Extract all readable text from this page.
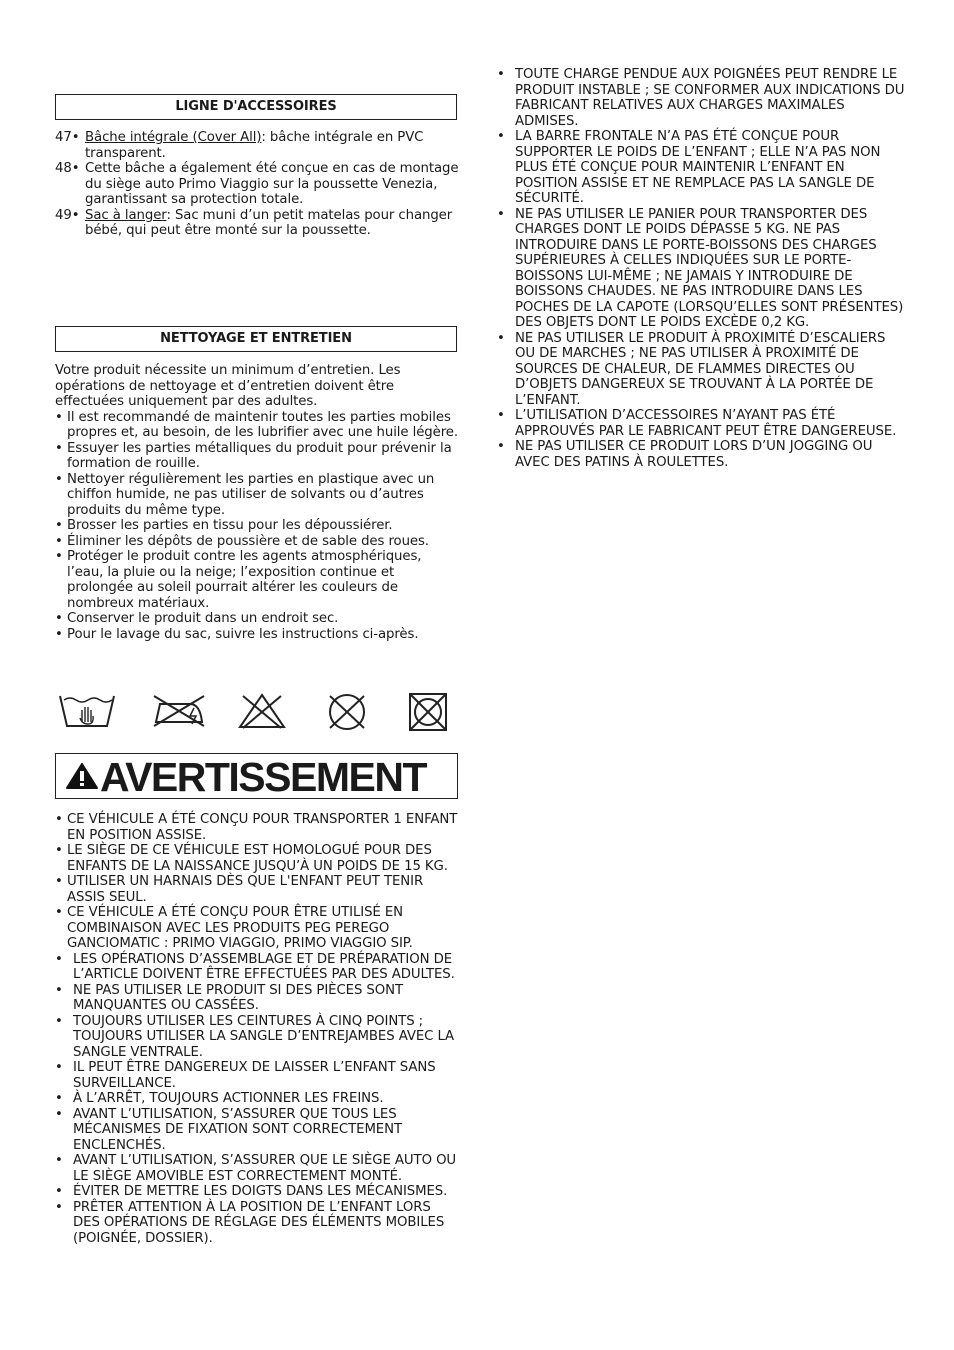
LIGNE D'ACCESSOIRES
47• Bâche intégrale (Cover All): bâche intégrale en PVC transparent.
48• Cette bâche a également été conçue en cas de montage du siège auto Primo Viaggio sur la poussette Venezia, garantissant sa protection totale.
49• Sac à langer: Sac muni d’un petit matelas pour changer bébé, qui peut être monté sur la poussette.
NETTOYAGE ET ENTRETIEN

Votre produit nécessite un minimum d’entretien. Les opérations de nettoyage et d’entretien doivent être effectuées uniquement par des adultes.

• Il est recommandé de maintenir toutes les parties mobiles propres et, au besoin, de les lubrifier avec une huile légère.
• Essuyer les parties métalliques du produit pour prévenir la formation de rouille.
• Nettoyer régulièrement les parties en plastique avec un chiffon humide, ne pas utiliser de solvants ou d’autres produits du même type.
• Brosser les parties en tissu pour les dépoussiérer.
• Éliminer les dépôts de poussière et de sable des roues.
• Protéger le produit contre les agents atmosphériques, l’eau, la pluie ou la neige; l’exposition continue et prolongée au soleil pourrait altérer les couleurs de nombreux matériaux.
• Conserver le produit dans un endroit sec.
• Pour le lavage du sac, suivre les instructions ci-après.
AVERTISSEMENT
• CE VÉHICULE A ÉTÉ CONÇU POUR TRANSPORTER 1 ENFANT EN POSITION ASSISE.
• LE SIÈGE DE CE VÉHICULE EST HOMOLOGUÉ POUR DES ENFANTS DE LA NAISSANCE JUSQU’À UN POIDS DE 15 KG.
• UTILISER UN HARNAIS DÈS QUE L'ENFANT PEUT TENIR ASSIS SEUL.
• CE VÉHICULE A ÉTÉ CONÇU POUR ÊTRE UTILISÉ EN COMBINAISON AVEC LES PRODUITS PEG PEREGO GANCIOMATIC : PRIMO VIAGGIO, PRIMO VIAGGIO SIP.
• LES OPÉRATIONS D’ASSEMBLAGE ET DE PRÉPARATION DE L’ARTICLE DOIVENT ÊTRE EFFECTUÉES PAR DES ADULTES.
• NE PAS UTILISER LE PRODUIT SI DES PIÈCES SONT MANQUANTES OU CASSÉES.
• TOUJOURS UTILISER LES CEINTURES À CINQ POINTS ; TOUJOURS UTILISER LA SANGLE D’ENTREJAMBES AVEC LA SANGLE VENTRALE.
• IL PEUT ÊTRE DANGEREUX DE LAISSER L’ENFANT SANS SURVEILLANCE.
• À L’ARRÊT, TOUJOURS ACTIONNER LES FREINS.
• AVANT L’UTILISATION, S’ASSURER QUE TOUS LES MÉCANISMES DE FIXATION SONT CORRECTEMENT ENCLENCHÉS.
• AVANT L’UTILISATION, S’ASSURER QUE LE SIÈGE AUTO OU LE SIÈGE AMOVIBLE EST CORRECTEMENT MONTÉ.
• ÉVITER DE METTRE LES DOIGTS DANS LES MÉCANISMES.
• PRÊTER ATTENTION À LA POSITION DE L’ENFANT LORS DES OPÉRATIONS DE RÉGLAGE DES ÉLÉMENTS MOBILES (POIGNÉE, DOSSIER).
• TOUTE CHARGE PENDUE AUX POIGNÉES PEUT RENDRE LE PRODUIT INSTABLE ; SE CONFORMER AUX INDICATIONS DU FABRICANT RELATIVES AUX CHARGES MAXIMALES ADMISES.
• LA BARRE FRONTALE N’A PAS ÉTÉ CONÇUE POUR SUPPORTER LE POIDS DE L’ENFANT ; ELLE N’A PAS NON PLUS ÉTÉ CONÇUE POUR MAINTENIR L’ENFANT EN POSITION ASSISE ET NE REMPLACE PAS LA SANGLE DE SÉCURITÉ.
• NE PAS UTILISER LE PANIER POUR TRANSPORTER DES CHARGES DONT LE POIDS DÉPASSE 5 KG. NE PAS INTRODUIRE DANS LE PORTE-BOISSONS DES CHARGES SUPÉRIEURES À CELLES INDIQUÉES SUR LE PORTE-BOISSONS LUI-MÊME ; NE JAMAIS Y INTRODUIRE DE BOISSONS CHAUDES. NE PAS INTRODUIRE DANS LES POCHES DE LA CAPOTE (LORSQU’ELLES SONT PRÉSENTES) DES OBJETS DONT LE POIDS EXCÈDE 0,2 KG.
• NE PAS UTILISER LE PRODUIT À PROXIMITÉ D’ESCALIERS OU DE MARCHES ; NE PAS UTILISER À PROXIMITÉ DE SOURCES DE CHALEUR, DE FLAMMES DIRECTES OU D’OBJETS DANGEREUX SE TROUVANT À LA PORTÉE DE L’ENFANT.
• L’UTILISATION D’ACCESSOIRES N’AYANT PAS ÉTÉ APPROUVÉS PAR LE FABRICANT PEUT ÊTRE DANGEREUSE.
• NE PAS UTILISER CE PRODUIT LORS D’UN JOGGING OU AVEC DES PATINS À ROULETTES.
